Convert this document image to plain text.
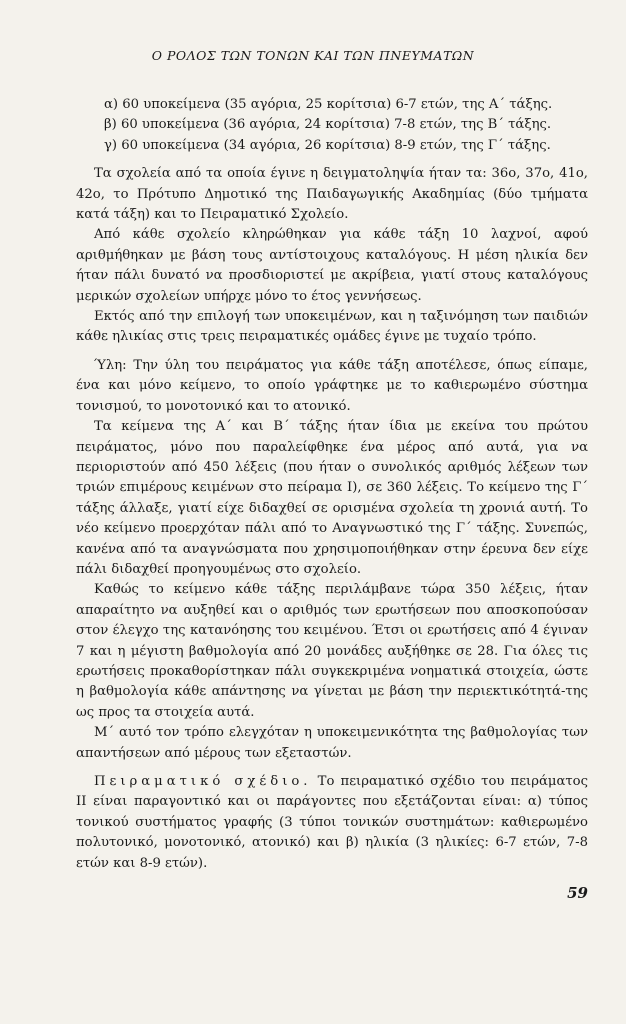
Ο ΡΟΛΟΣ ΤΩΝ ΤΟΝΩΝ ΚΑΙ ΤΩΝ ΠΝΕΥΜΑΤΩΝ
α) 60 υποκείμενα (35 αγόρια, 25 κορίτσια) 6-7 ετών, της Α΄ τάξης.
β) 60 υποκείμενα (36 αγόρια, 24 κορίτσια) 7-8 ετών, της Β΄ τάξης.
γ) 60 υποκείμενα (34 αγόρια, 26 κορίτσια) 8-9 ετών, της Γ΄ τάξης.

Τα σχολεία από τα οποία έγινε η δειγματοληψία ήταν τα: 36ο, 37ο, 41ο, 42ο, το Πρότυπο Δημοτικό της Παιδαγωγικής Ακαδημίας (δύο τμήματα κατά τάξη) και το Πειραματικό Σχολείο.

Από κάθε σχολείο κληρώθηκαν για κάθε τάξη 10 λαχνοί, αφού αριθμήθηκαν με βάση τους αντίστοιχους καταλόγους. Η μέση ηλικία δεν ήταν πάλι δυνατό να προσδιοριστεί με ακρίβεια, γιατί στους καταλόγους μερικών σχολείων υπήρχε μόνο το έτος γεννήσεως.

Εκτός από την επιλογή των υποκειμένων, και η ταξινόμηση των παιδιών κάθε ηλικίας στις τρεις πειραματικές ομάδες έγινε με τυχαίο τρόπο.

Ύλη: Την ύλη του πειράματος για κάθε τάξη αποτέλεσε, όπως είπαμε, ένα και μόνο κείμενο, το οποίο γράφτηκε με το καθιερωμένο σύστημα τονισμού, το μονοτονικό και το ατονικό.

Τα κείμενα της Α΄ και Β΄ τάξης ήταν ίδια με εκείνα του πρώτου πειράματος, μόνο που παραλείφθηκε ένα μέρος από αυτά, για να περιοριστούν από 450 λέξεις (που ήταν ο συνολικός αριθμός λέξεων των τριών επιμέρους κειμένων στο πείραμα Ι), σε 360 λέξεις. Το κείμενο της Γ΄ τάξης άλλαξε, γιατί είχε διδαχθεί σε ορισμένα σχολεία τη χρονιά αυτή. Το νέο κείμενο προερχόταν πάλι από το Αναγνωστικό της Γ΄ τάξης. Συνεπώς, κανένα από τα αναγνώσματα που χρησιμοποιήθηκαν στην έρευνα δεν είχε πάλι διδαχθεί προηγουμένως στο σχολείο.

Καθώς το κείμενο κάθε τάξης περιλάμβανε τώρα 350 λέξεις, ήταν απαραίτητο να αυξηθεί και ο αριθμός των ερωτήσεων που αποσκοπούσαν στον έλεγχο της κατανόησης του κειμένου. Έτσι οι ερωτήσεις από 4 έγιναν 7 και η μέγιστη βαθμολογία από 20 μονάδες αυξήθηκε σε 28. Για όλες τις ερωτήσεις προκαθορίστηκαν πάλι συγκεκριμένα νοηματικά στοιχεία, ώστε η βαθμολογία κάθε απάντησης να γίνεται με βάση την περιεκτικότητά-της ως προς τα στοιχεία αυτά.

Μ΄ αυτό τον τρόπο ελεγχόταν η υποκειμενικότητα της βαθμολογίας των απαντήσεων από μέρους των εξεταστών.

Πειραματικό σχέδιο. Το πειραματικό σχέδιο του πειράματος ΙΙ είναι παραγοντικό και οι παράγοντες που εξετάζονται είναι: α) τύπος τονικού συστήματος γραφής (3 τύποι τονικών συστημάτων: καθιερωμένο πολυτονικό, μονοτονικό, ατονικό) και β) ηλικία (3 ηλικίες: 6-7 ετών, 7-8 ετών και 8-9 ετών).

59
